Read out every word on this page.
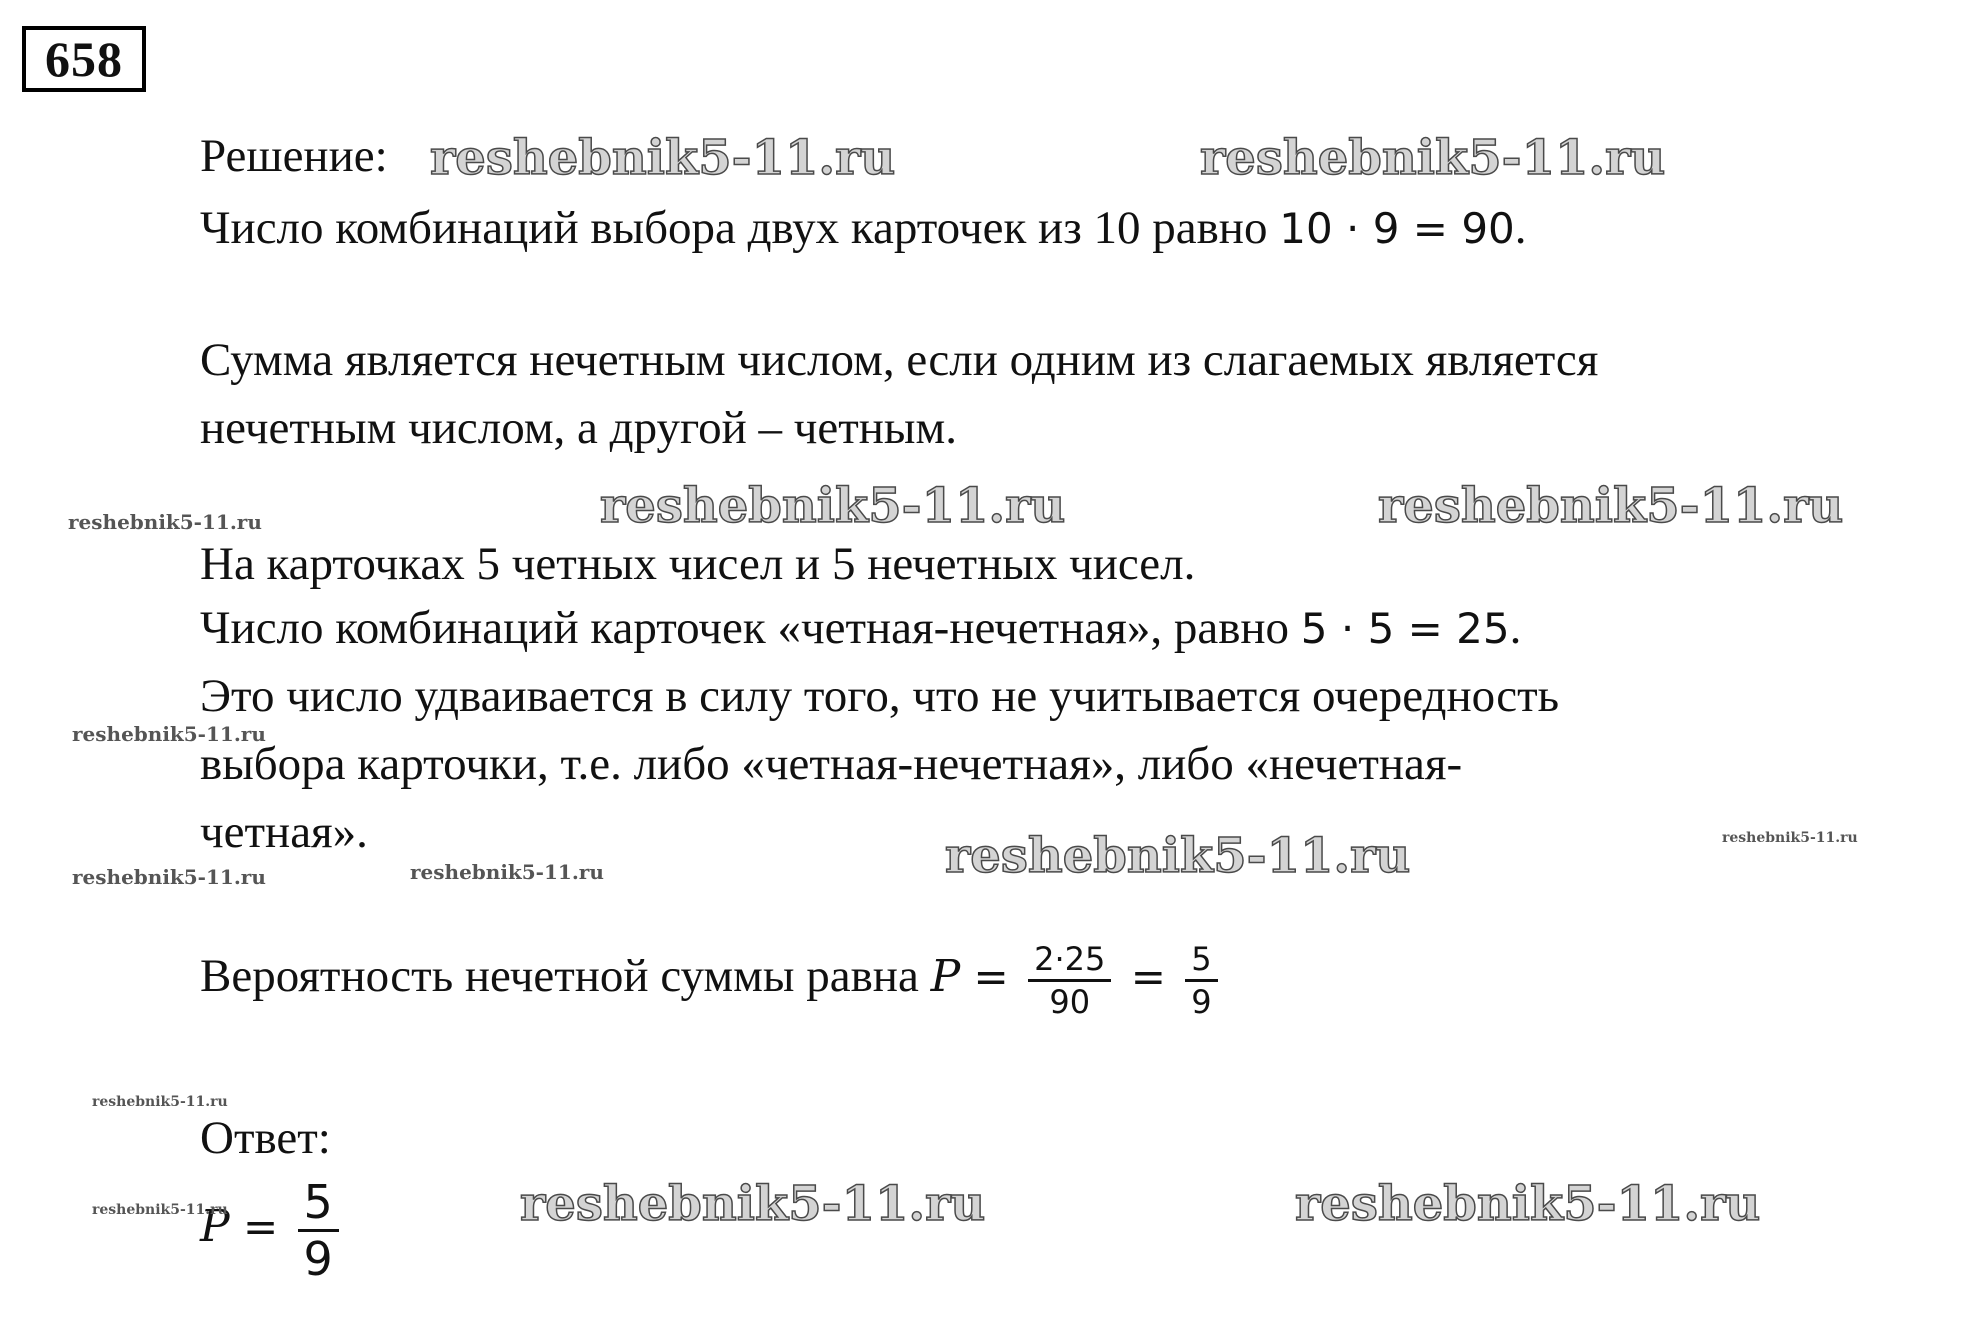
658
Решение:
Число комбинаций выбора двух карточек из 10 равно 10 · 9 = 90.
Сумма является нечетным числом, если одним из слагаемых является
нечетным числом, а другой – четным.
На карточках 5 четных чисел и 5 нечетных чисел.
Число комбинаций карточек «четная-нечетная», равно 5 · 5 = 25.
Это число удваивается в силу того, что не учитывается очередность
выбора карточки, т.е. либо «четная-нечетная», либо «нечетная-
четная».
Вероятность нечетной суммы равна $P = \frac{2\cdot 25}{90} = \frac{5}{9}$
Ответ:
$P = \frac{5}{9}$
reshebnik5-11.ru	reshebnik5-11.ru
reshebnik5-11.ru	reshebnik5-11.ru	reshebnik5-11.ru
reshebnik5-11.ru
reshebnik5-11.ru
reshebnik5-11.ru
reshebnik5-11.ru	reshebnik5-11.ru
reshebnik5-11.ru
reshebnik5-11.ru	reshebnik5-11.ru	reshebnik5-11.ru
